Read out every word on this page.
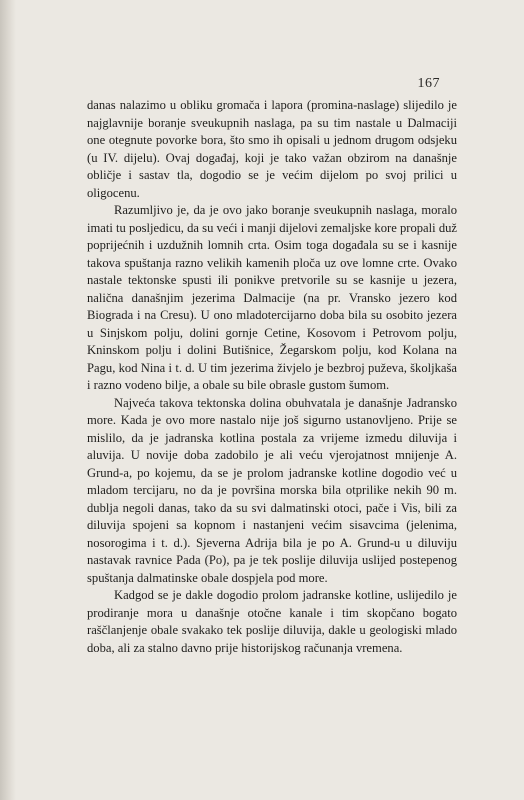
167

danas nalazimo u obliku gromača i lapora (promina-naslage) slijedilo je najglavnije boranje sveukupnih naslaga, pa su tim nastale u Dalmaciji one otegnute povorke bora, što smo ih opisali u jednom drugom odsjeku (u IV. dijelu). Ovaj događaj, koji je tako važan obzirom na današnje obličje i sastav tla, dogodio se je većim dijelom po svoj prilici u oligocenu.

Razumljivo je, da je ovo jako boranje sveukupnih naslaga, moralo imati tu posljedicu, da su veći i manji dijelovi zemaljske kore propali duž poprijećnih i uzdužnih lomnih crta. Osim toga događala su se i kasnije takova spuštanja razno velikih kamenih ploča uz ove lomne crte. Ovako nastale tektonske spusti ili ponikve pretvorile su se kasnije u jezera, nalična današnjim jezerima Dalmacije (na pr. Vransko jezero kod Biograda i na Cresu). U ono mladotercijarno doba bila su osobito jezera u Sinjskom polju, dolini gornje Cetine, Kosovom i Petrovom polju, Kninskom polju i dolini Butišnice, Žegarskom polju, kod Kolana na Pagu, kod Nina i t. d. U tim jezerima živjelo je bezbroj puževa, školjkaša i razno vodeno bilje, a obale su bile obrasle gustom šumom.

Najveća takova tektonska dolina obuhvatala je današnje Jadransko more. Kada je ovo more nastalo nije još sigurno ustanovljeno. Prije se mislilo, da je jadranska kotlina postala za vrijeme izmedu diluvija i aluvija. U novije doba zadobilo je ali veću vjerojatnost mnijenje A. Grund-a, po kojemu, da se je prolom jadranske kotline dogodio već u mladom tercijaru, no da je površina morska bila otprilike nekih 90 m. dublja negoli danas, tako da su svi dalmatinski otoci, pače i Vis, bili za diluvija spojeni sa kopnom i nastanjeni većim sisavcima (jelenima, nosorogima i t. d.). Sjeverna Adrija bila je po A. Grund-u u diluviju nastavak ravnice Pada (Po), pa je tek poslije diluvija uslijed postepenog spuštanja dalmatinske obale dospjela pod more.

Kadgod se je dakle dogodio prolom jadranske kotline, uslijedilo je prodiranje mora u današnje otočne kanale i tim skopčano bogato raščlanjenje obale svakako tek poslije diluvija, dakle u geologiski mlado doba, ali za stalno davno prije historijskog računanja vremena.
